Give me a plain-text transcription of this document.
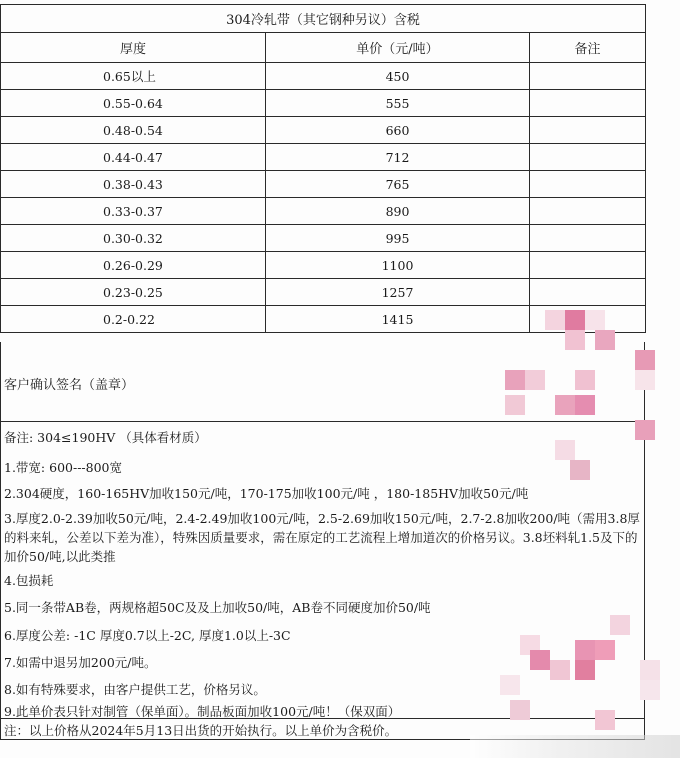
304冷轧带（其它钢种另议）含税		
厚度	单价（元/吨）	备注
0.65以上	450	
0.55-0.64	555	
0.48-0.54	660	
0.44-0.47	712	
0.38-0.43	765	
0.33-0.37	890	
0.30-0.32	995	
0.26-0.29	1100	
0.23-0.25	1257	
0.2-0.22	1415	
客户确认签名（盖章）
备注: 304≤190HV （具体看材质）
1.带宽: 600---800宽
2.304硬度，160-165HV加收150元/吨，170-175加收100元/吨 ，180-185HV加收50元/吨
3.厚度2.0-2.39加收50元/吨，2.4-2.49加收100元/吨，2.5-2.69加收150元/吨，2.7-2.8加收200/吨（需用3.8厚的料来轧，公差以下差为准），特殊因质量要求，需在原定的工艺流程上增加道次的价格另议。3.8坯料轧1.5及下的加价50/吨,以此类推
4.包损耗
5.同一条带AB卷，两规格超50C及及上加收50/吨，AB卷不同硬度加价50/吨
6.厚度公差: -1C 厚度0.7以上-2C, 厚度1.0以上-3C
7.如需中退另加200元/吨。
8.如有特殊要求，由客户提供工艺，价格另议。
9.此单价表只针对制管（保单面）。制品板面加收100元/吨！（保双面）
注：以上价格从2024年5月13日出货的开始执行。以上单价为含税价。
